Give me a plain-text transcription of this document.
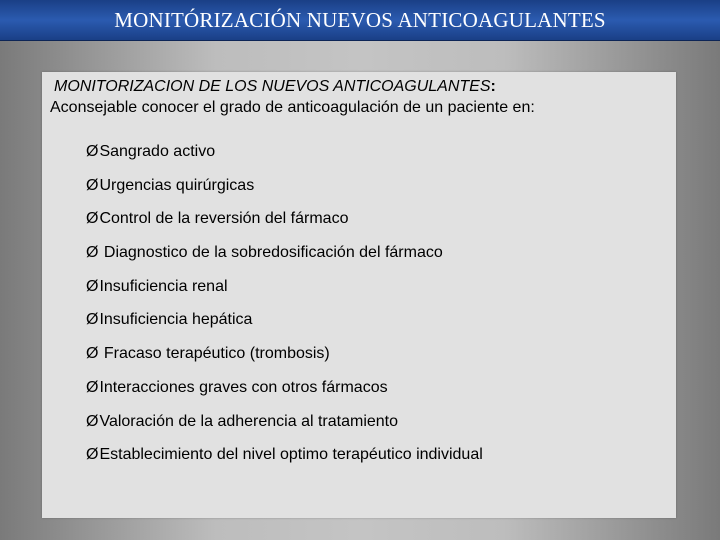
MONITÓRIZACIÓN NUEVOS ANTICOAGULANTES
MONITORIZACION DE LOS NUEVOS ANTICOAGULANTES:
Aconsejable conocer el grado de anticoagulación de un paciente en:
Ø Sangrado activo
Ø Urgencias quirúrgicas
Ø Control de la reversión del fármaco
Ø Diagnostico de la sobredosificación del fármaco
Ø Insuficiencia renal
Ø Insuficiencia hepática
Ø Fracaso terapéutico (trombosis)
Ø Interacciones graves con otros fármacos
Ø Valoración de la adherencia al tratamiento
Ø Establecimiento del nivel optimo terapéutico individual
